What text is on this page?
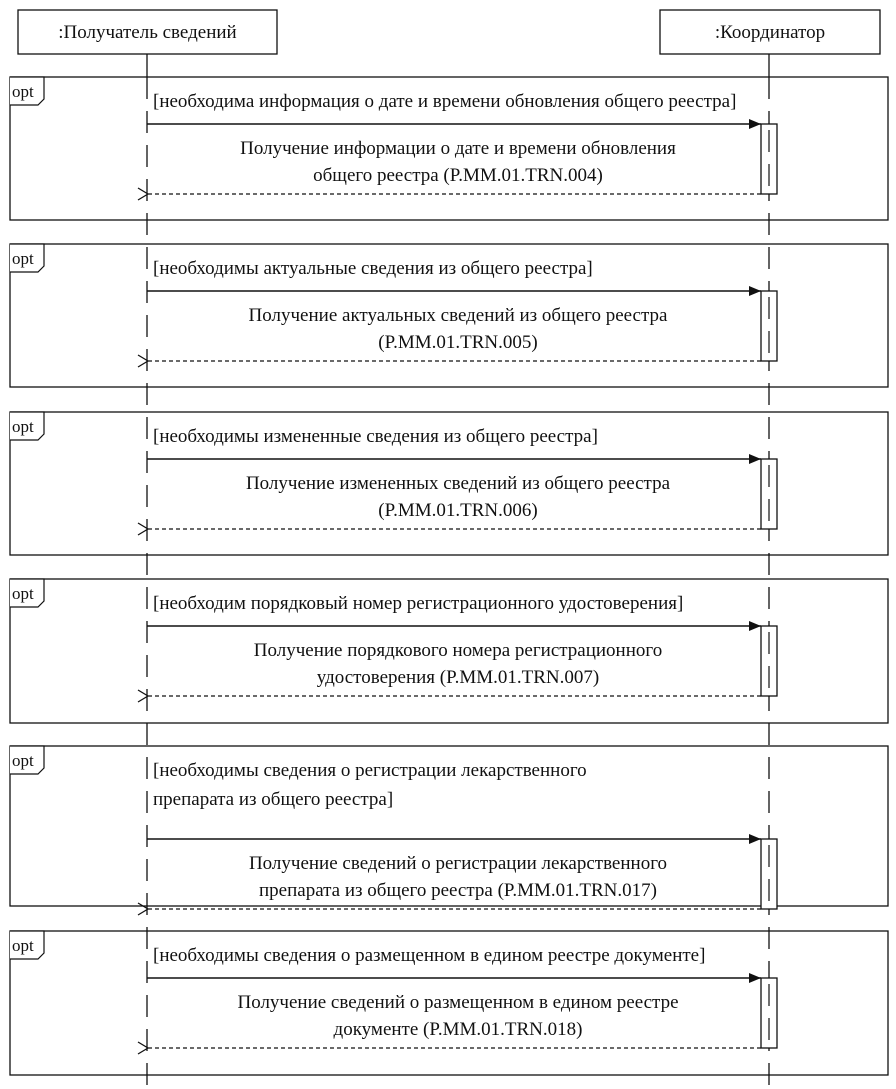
:Получатель сведений	:Координатор
opt	[необходима информация о дате и времени обновления общего реестра]
Получение информации о дате и времени обновления
общего реестра (P.MM.01.TRN.004)
opt	[необходимы актуальные сведения из общего реестра]
Получение актуальных сведений из общего реестра
(P.MM.01.TRN.005)
opt	[необходимы измененные сведения из общего реестра]
Получение измененных сведений из общего реестра
(P.MM.01.TRN.006)
opt	[необходим порядковый номер регистрационного удостоверения]
Получение порядкового номера регистрационного
удостоверения (P.MM.01.TRN.007)
opt	[необходимы сведения о регистрации лекарственного
препарата из общего реестра]
Получение сведений о регистрации лекарственного
препарата из общего реестра (P.MM.01.TRN.017)
opt	[необходимы сведения о размещенном в едином реестре документе]
Получение сведений о размещенном в едином реестре
документе (P.MM.01.TRN.018)
